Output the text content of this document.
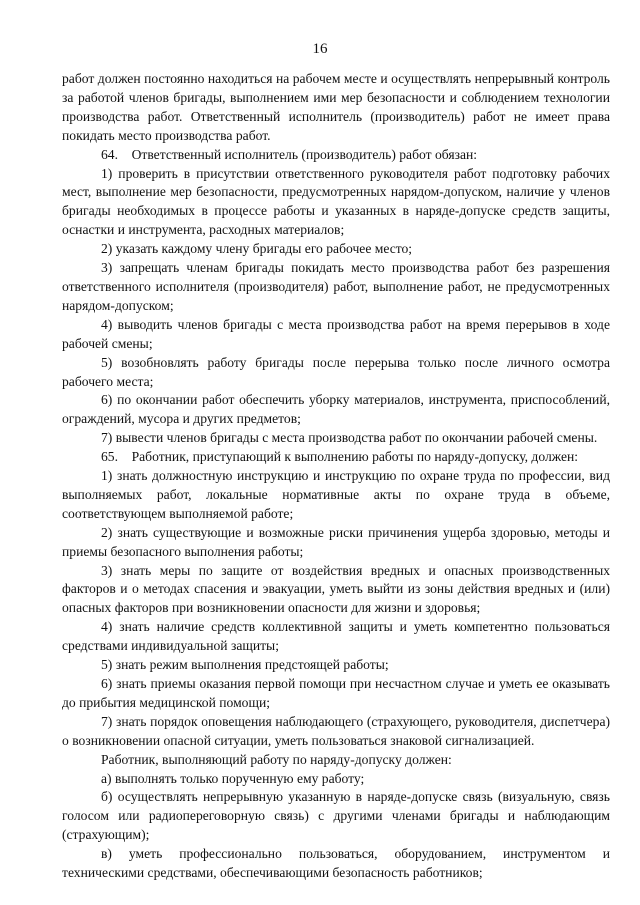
16

работ должен постоянно находиться на рабочем месте и осуществлять непрерывный контроль за работой членов бригады, выполнением ими мер безопасности и соблюдением технологии производства работ. Ответственный исполнитель (производитель) работ не имеет права покидать место производства работ.

64. Ответственный исполнитель (производитель) работ обязан:

1) проверить в присутствии ответственного руководителя работ подготовку рабочих мест, выполнение мер безопасности, предусмотренных нарядом-допуском, наличие у членов бригады необходимых в процессе работы и указанных в наряде-допуске средств защиты, оснастки и инструмента, расходных материалов;

2) указать каждому члену бригады его рабочее место;

3) запрещать членам бригады покидать место производства работ без разрешения ответственного исполнителя (производителя) работ, выполнение работ, не предусмотренных нарядом-допуском;

4) выводить членов бригады с места производства работ на время перерывов в ходе рабочей смены;

5) возобновлять работу бригады после перерыва только после личного осмотра рабочего места;

6) по окончании работ обеспечить уборку материалов, инструмента, приспособлений, ограждений, мусора и других предметов;

7) вывести членов бригады с места производства работ по окончании рабочей смены.

65. Работник, приступающий к выполнению работы по наряду-допуску, должен:

1) знать должностную инструкцию и инструкцию по охране труда по профессии, вид выполняемых работ, локальные нормативные акты по охране труда в объеме, соответствующем выполняемой работе;

2) знать существующие и возможные риски причинения ущерба здоровью, методы и приемы безопасного выполнения работы;

3) знать меры по защите от воздействия вредных и опасных производственных факторов и о методах спасения и эвакуации, уметь выйти из зоны действия вредных и (или) опасных факторов при возникновении опасности для жизни и здоровья;

4) знать наличие средств коллективной защиты и уметь компетентно пользоваться средствами индивидуальной защиты;

5) знать режим выполнения предстоящей работы;

6) знать приемы оказания первой помощи при несчастном случае и уметь ее оказывать до прибытия медицинской помощи;

7) знать порядок оповещения наблюдающего (страхующего, руководителя, диспетчера) о возникновении опасной ситуации, уметь пользоваться знаковой сигнализацией.

Работник, выполняющий работу по наряду-допуску должен:

а) выполнять только порученную ему работу;

б) осуществлять непрерывную указанную в наряде-допуске связь (визуальную, связь голосом или радиопереговорную связь) с другими членами бригады и наблюдающим (страхующим);

в) уметь профессионально пользоваться, оборудованием, инструментом и техническими средствами, обеспечивающими безопасность работников;
